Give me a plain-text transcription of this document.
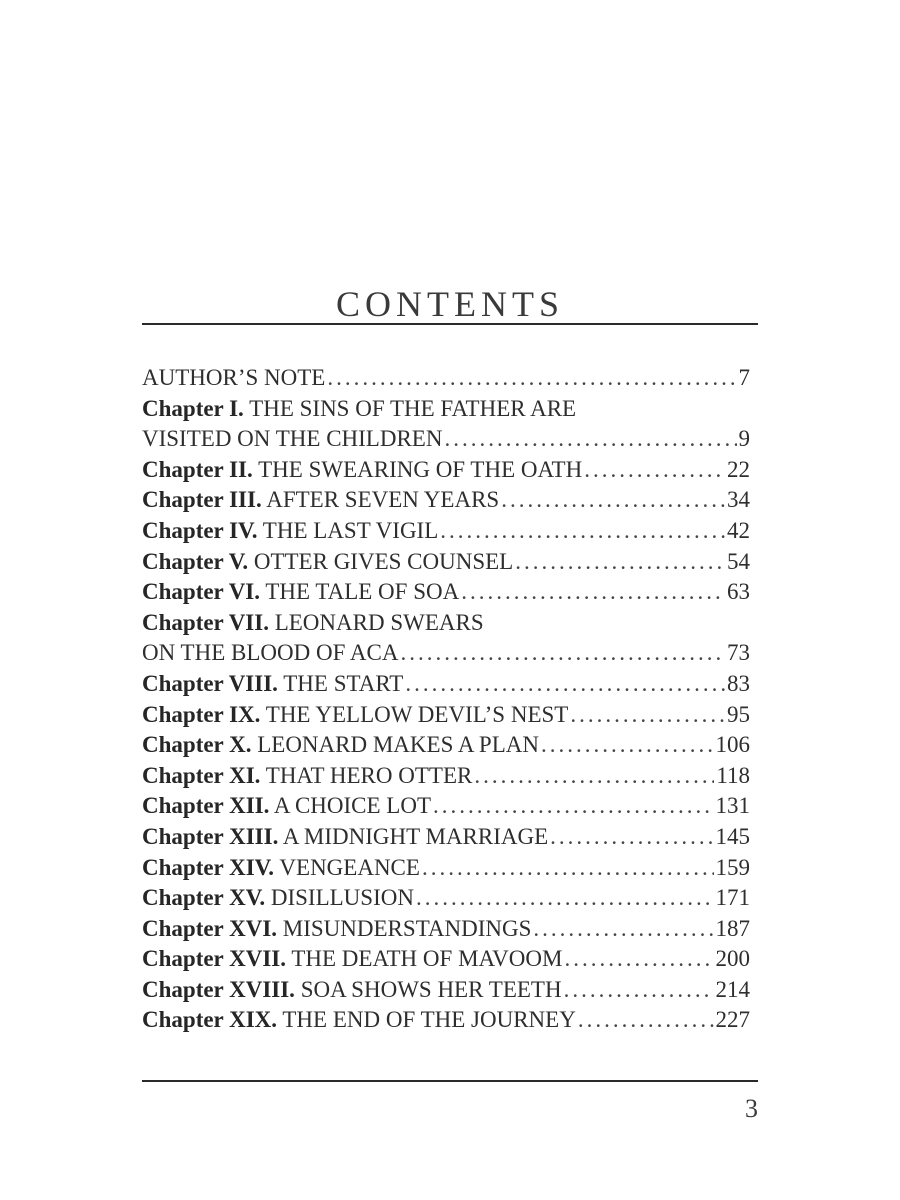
CONTENTS
AUTHOR’S NOTE .....	7
Chapter I. THE SINS OF THE FATHER ARE
VISITED ON THE CHILDREN .....	9
Chapter II. THE SWEARING OF THE OATH .....	22
Chapter III. AFTER SEVEN YEARS .....	34
Chapter IV. THE LAST VIGIL .....	42
Chapter V. OTTER GIVES COUNSEL .....	54
Chapter VI. THE TALE OF SOA .....	63
Chapter VII. LEONARD SWEARS
ON THE BLOOD OF ACA .....	73
Chapter VIII. THE START .....	83
Chapter IX. THE YELLOW DEVIL’S NEST .....	95
Chapter X. LEONARD MAKES A PLAN .....	106
Chapter XI. THAT HERO OTTER .....	118
Chapter XII. A CHOICE LOT .....	131
Chapter XIII. A MIDNIGHT MARRIAGE .....	145
Chapter XIV. VENGEANCE .....	159
Chapter XV. DISILLUSION .....	171
Chapter XVI. MISUNDERSTANDINGS .....	187
Chapter XVII. THE DEATH OF MAVOOM .....	200
Chapter XVIII. SOA SHOWS HER TEETH .....	214
Chapter XIX. THE END OF THE JOURNEY .....	227
3
